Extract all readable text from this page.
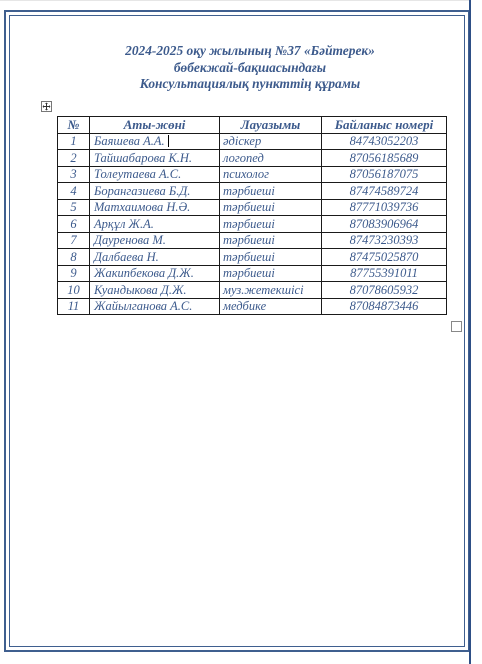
2024-2025 оқу жылының №37 «Бәйтерек»
бөбекжай-бақшасындағы
Консультациялық пункттің құрамы
№	Аты-жөні	Лауазымы	Байланыс номері
1	Баяшева А.А.	әдіскер	84743052203
2	Тайшабарова К.Н.	логопед	87056185689
3	Толеутаева А.С.	психолог	87056187075
4	Борангазиева Б.Д.	тәрбиеші	87474589724
5	Матхаимова Н.Ә.	тәрбиеші	87771039736
6	Арқұл Ж.А.	тәрбиеші	87083906964
7	Дауренова М.	тәрбиеші	87473230393
8	Далбаева Н.	тәрбиеші	87475025870
9	Жакипбекова Д.Ж.	тәрбиеші	87755391011
10	Куандыкова Д.Ж.	муз.жетекшісі	87078605932
11	Жайылганова А.С.	медбике	87084873446
